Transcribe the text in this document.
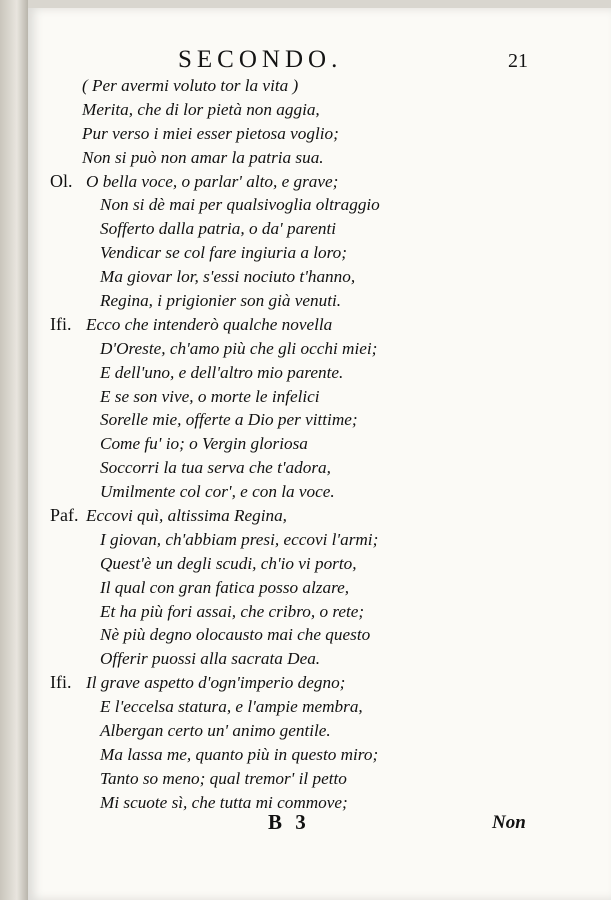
SECONDO.	21
( Per avermi voluto tor la vita )
Merita, che di lor pietà non aggia,
Pur verso i miei esser pietosa voglio;
Non si può non amar la patria sua.
Ol. O bella voce, o parlar' alto, e grave;
Non si dè mai per qualsivoglia oltraggio
Sofferto dalla patria, o da' parenti
Vendicar se col fare ingiuria a loro;
Ma giovar lor, s'essi nociuto t'hanno,
Regina, i prigionier son già venuti.
Ifi. Ecco che intenderò qualche novella
D'Oreste, ch'amo più che gli occhi miei;
E dell'uno, e dell'altro mio parente.
E se son vive, o morte le infelici
Sorelle mie, offerte a Dio per vittime;
Come fu' io; o Vergin gloriosa
Soccorri la tua serva che t'adora,
Umilmente col cor', e con la voce.
Paf. Eccovi quì, altissima Regina,
I giovan, ch'abbiam presi, eccovi l'armi;
Quest'è un degli scudi, ch'io vi porto,
Il qual con gran fatica posso alzare,
Et ha più fori assai, che cribro, o rete;
Nè più degno olocausto mai che questo
Offerir puossi alla sacrata Dea.
Ifi. Il grave aspetto d'ogn'imperio degno;
E l'eccelsa statura, e l'ampie membra,
Albergan certo un' animo gentile.
Ma lassa me, quanto più in questo miro;
Tanto so meno; qual tremor' il petto
Mi scuote sì, che tutta mi commove;
B 3	Non
